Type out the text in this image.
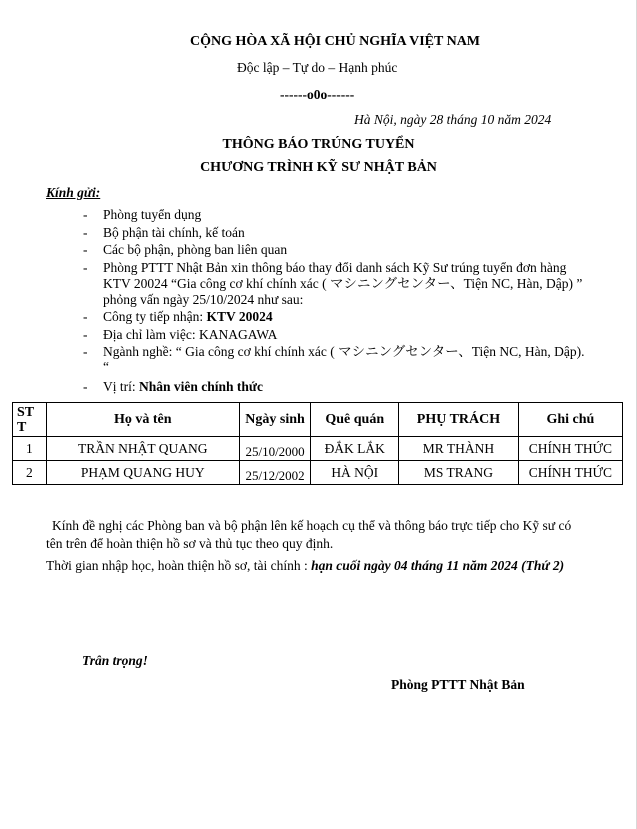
CỘNG HÒA XÃ HỘI CHỦ NGHĨA VIỆT NAM
Độc lập – Tự do – Hạnh phúc
------o0o------
Hà Nội, ngày 28 tháng 10 năm 2024
THÔNG BÁO TRÚNG TUYỂN
CHƯƠNG TRÌNH KỸ SƯ NHẬT BẢN
Kính gửi:
- Phòng tuyển dụng
- Bộ phận tài chính, kế toán
- Các bộ phận, phòng ban liên quan
- Phòng PTTT Nhật Bản xin thông báo thay đổi danh sách Kỹ Sư trúng tuyển đơn hàng
KTV 20024 “Gia công cơ khí chính xác ( マシニングセンター、Tiện NC, Hàn, Dập) ”
phỏng vấn ngày 25/10/2024 như sau:
- Công ty tiếp nhận: KTV 20024
- Địa chỉ làm việc: KANAGAWA
- Ngành nghề: “ Gia công cơ khí chính xác ( マシニングセンター、Tiện NC, Hàn, Dập).
“
- Vị trí: Nhân viên chính thức
ST T	Họ và tên	Ngày sinh	Quê quán	PHỤ TRÁCH	Ghi chú
1	TRẦN NHẬT QUANG	25/10/2000	ĐẮK LẮK	MR THÀNH	CHÍNH THỨC
2	PHẠM QUANG HUY	25/12/2002	HÀ NỘI	MS TRANG	CHÍNH THỨC
Kính đề nghị các Phòng ban và bộ phận lên kế hoạch cụ thể và thông báo trực tiếp cho Kỹ sư có
tên trên để hoàn thiện hồ sơ và thủ tục theo quy định.
Thời gian nhập học, hoàn thiện hồ sơ, tài chính : hạn cuối ngày 04 tháng 11 năm 2024 (Thứ 2)
Trân trọng!
Phòng PTTT Nhật Bản
